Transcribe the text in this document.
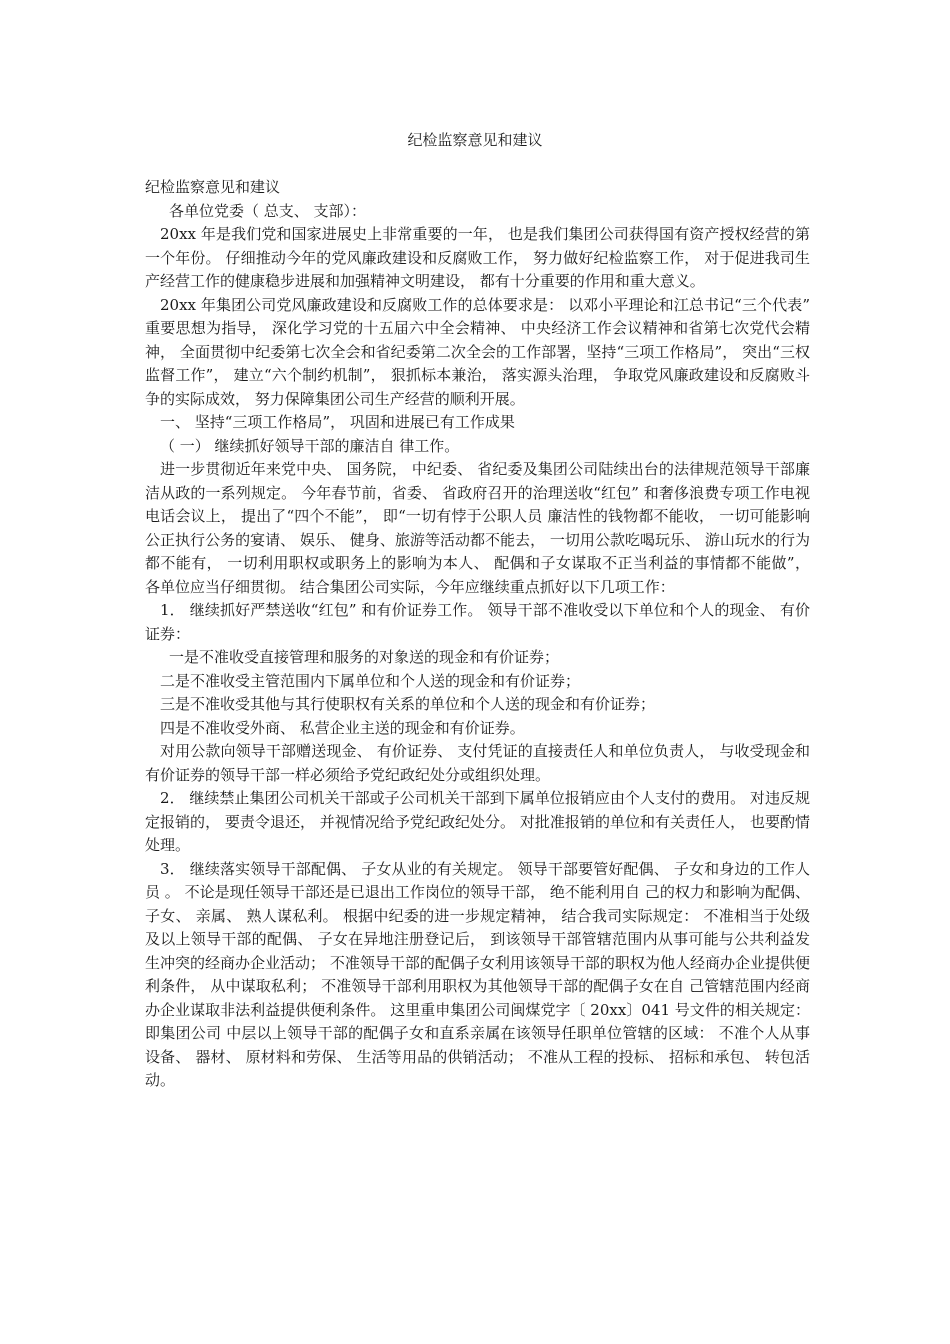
纪检监察意见和建议

纪检监察意见和建议

各单位党委（ 总支、 支部）：

20xx 年是我们党和国家进展史上非常重要的一年， 也是我们集团公司获得国有资产授权经营的第一个年份。 仔细推动今年的党风廉政建设和反腐败工作， 努力做好纪检监察工作， 对于促进我司生产经营工作的健康稳步进展和加强精神文明建设， 都有十分重要的作用和重大意义。

20xx 年集团公司党风廉政建设和反腐败工作的总体要求是： 以邓小平理论和江总书记“三个代表” 重要思想为指导， 深化学习党的十五届六中全会精神、 中央经济工作会议精神和省第七次党代会精神， 全面贯彻中纪委第七次全会和省纪委第二次全会的工作部署，坚持“三项工作格局”， 突出“三权监督工作”， 建立“六个制约机制”， 狠抓标本兼治， 落实源头治理， 争取党风廉政建设和反腐败斗争的实际成效， 努力保障集团公司生产经营的顺利开展。

一、 坚持“三项工作格局”， 巩固和进展已有工作成果

（ 一） 继续抓好领导干部的廉洁自 律工作。

进一步贯彻近年来党中央、 国务院， 中纪委、 省纪委及集团公司陆续出台的法律规范领导干部廉洁从政的一系列规定。 今年春节前，省委、 省政府召开的治理送收“红包” 和奢侈浪费专项工作电视电话会议上， 提出了“四个不能”， 即“一切有悖于公职人员 廉洁性的钱物都不能收， 一切可能影响公正执行公务的宴请、 娱乐、 健身、旅游等活动都不能去， 一切用公款吃喝玩乐、 游山玩水的行为都不能有， 一切利用职权或职务上的影响为本人、 配偶和子女谋取不正当利益的事情都不能做”， 各单位应当仔细贯彻。 结合集团公司实际，今年应继续重点抓好以下几项工作：

1． 继续抓好严禁送收“红包” 和有价证券工作。 领导干部不准收受以下单位和个人的现金、 有价证券：

一是不准收受直接管理和服务的对象送的现金和有价证券；

二是不准收受主管范围内下属单位和个人送的现金和有价证券；

三是不准收受其他与其行使职权有关系的单位和个人送的现金和有价证券；

四是不准收受外商、 私营企业主送的现金和有价证券。

对用公款向领导干部赠送现金、 有价证券、 支付凭证的直接责任人和单位负责人， 与收受现金和有价证券的领导干部一样必须给予党纪政纪处分或组织处理。

2． 继续禁止集团公司机关干部或子公司机关干部到下属单位报销应由个人支付的费用。 对违反规定报销的， 要责令退还， 并视情况给予党纪政纪处分。 对批准报销的单位和有关责任人， 也要酌情处理。

3． 继续落实领导干部配偶、 子女从业的有关规定。 领导干部要管好配偶、 子女和身边的工作人员 。 不论是现任领导干部还是已退出工作岗位的领导干部， 绝不能利用自 己的权力和影响为配偶、 子女、 亲属、 熟人谋私利。 根据中纪委的进一步规定精神， 结合我司实际规定： 不准相当于处级及以上领导干部的配偶、 子女在异地注册登记后， 到该领导干部管辖范围内从事可能与公共利益发生冲突的经商办企业活动； 不准领导干部的配偶子女利用该领导干部的职权为他人经商办企业提供便利条件， 从中谋取私利； 不准领导干部利用职权为其他领导干部的配偶子女在自 己管辖范围内经商办企业谋取非法利益提供便利条件。 这里重申集团公司闽煤党字〔 20xx〕041 号文件的相关规定： 即集团公司 中层以上领导干部的配偶子女和直系亲属在该领导任职单位管辖的区域： 不准个人从事设备、 器材、 原材料和劳保、 生活等用品的供销活动； 不准从工程的投标、 招标和承包、 转包活动。
